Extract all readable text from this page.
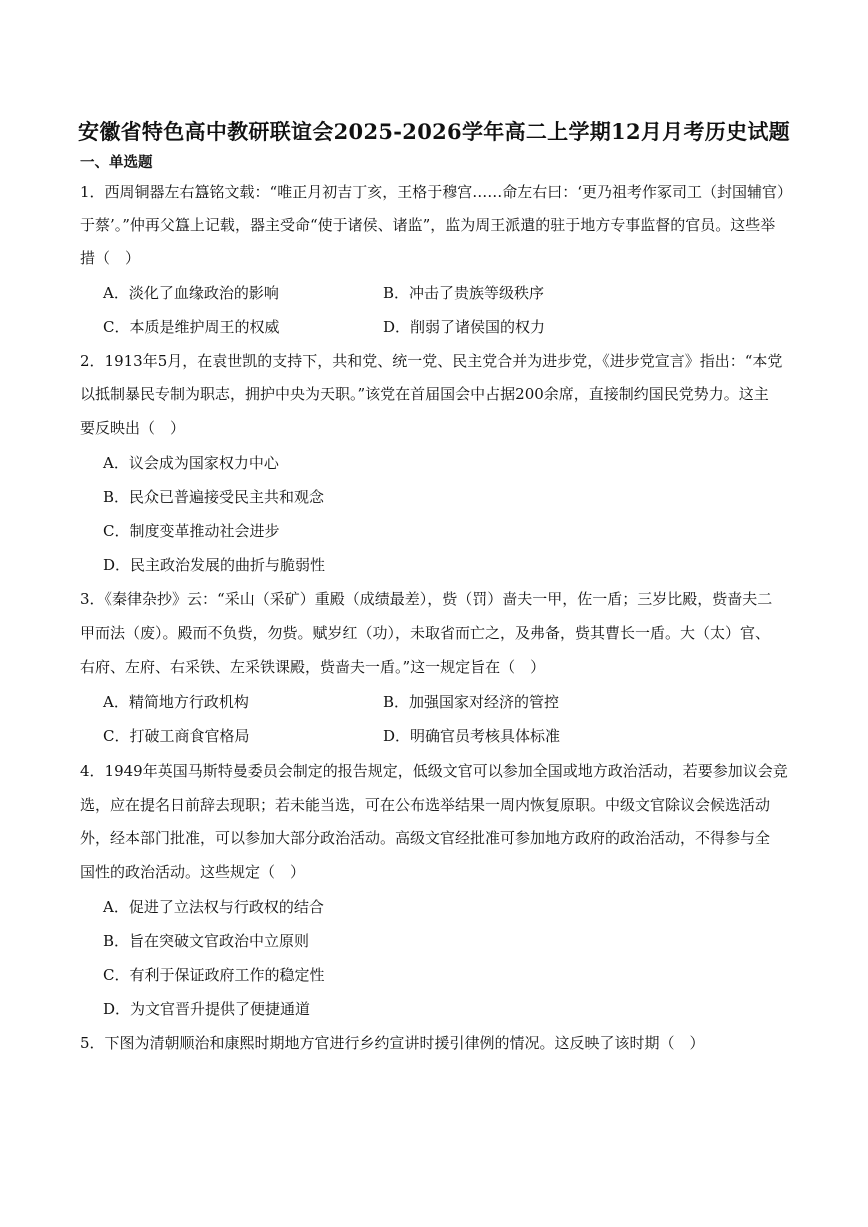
安徽省特色高中教研联谊会2025-2026学年高二上学期12月月考历史试题
一、单选题
1．西周铜器左右簋铭文载：“唯正月初吉丁亥，王格于穆宫……命左右曰：‘更乃祖考作冢司工（封国辅官）
于蔡’。”仲再父簋上记载，器主受命“使于诸侯、诸监”，监为周王派遣的驻于地方专事监督的官员。这些举
措（　）
A．淡化了血缘政治的影响	B．冲击了贵族等级秩序
C．本质是维护周王的权威	D．削弱了诸侯国的权力
2．1913年5月，在袁世凯的支持下，共和党、统一党、民主党合并为进步党，《进步党宣言》指出：“本党
以抵制暴民专制为职志，拥护中央为天职。”该党在首届国会中占据200余席，直接制约国民党势力。这主
要反映出（　）
A．议会成为国家权力中心
B．民众已普遍接受民主共和观念
C．制度变革推动社会进步
D．民主政治发展的曲折与脆弱性
3．《秦律杂抄》云：“采山（采矿）重殿（成绩最差），赀（罚）啬夫一甲，佐一盾；三岁比殿，赀啬夫二
甲而法（废）。殿而不负赀，勿赀。赋岁红（功），未取省而亡之，及弗备，赀其曹长一盾。大（太）官、
右府、左府、右采铁、左采铁课殿，赀啬夫一盾。”这一规定旨在（　）
A．精简地方行政机构	B．加强国家对经济的管控
C．打破工商食官格局	D．明确官员考核具体标准
4．1949年英国马斯特曼委员会制定的报告规定，低级文官可以参加全国或地方政治活动，若要参加议会竞
选，应在提名日前辞去现职；若未能当选，可在公布选举结果一周内恢复原职。中级文官除议会候选活动
外，经本部门批准，可以参加大部分政治活动。高级文官经批准可参加地方政府的政治活动，不得参与全
国性的政治活动。这些规定（　）
A．促进了立法权与行政权的结合
B．旨在突破文官政治中立原则
C．有利于保证政府工作的稳定性
D．为文官晋升提供了便捷通道
5．下图为清朝顺治和康熙时期地方官进行乡约宣讲时援引律例的情况。这反映了该时期（　）
